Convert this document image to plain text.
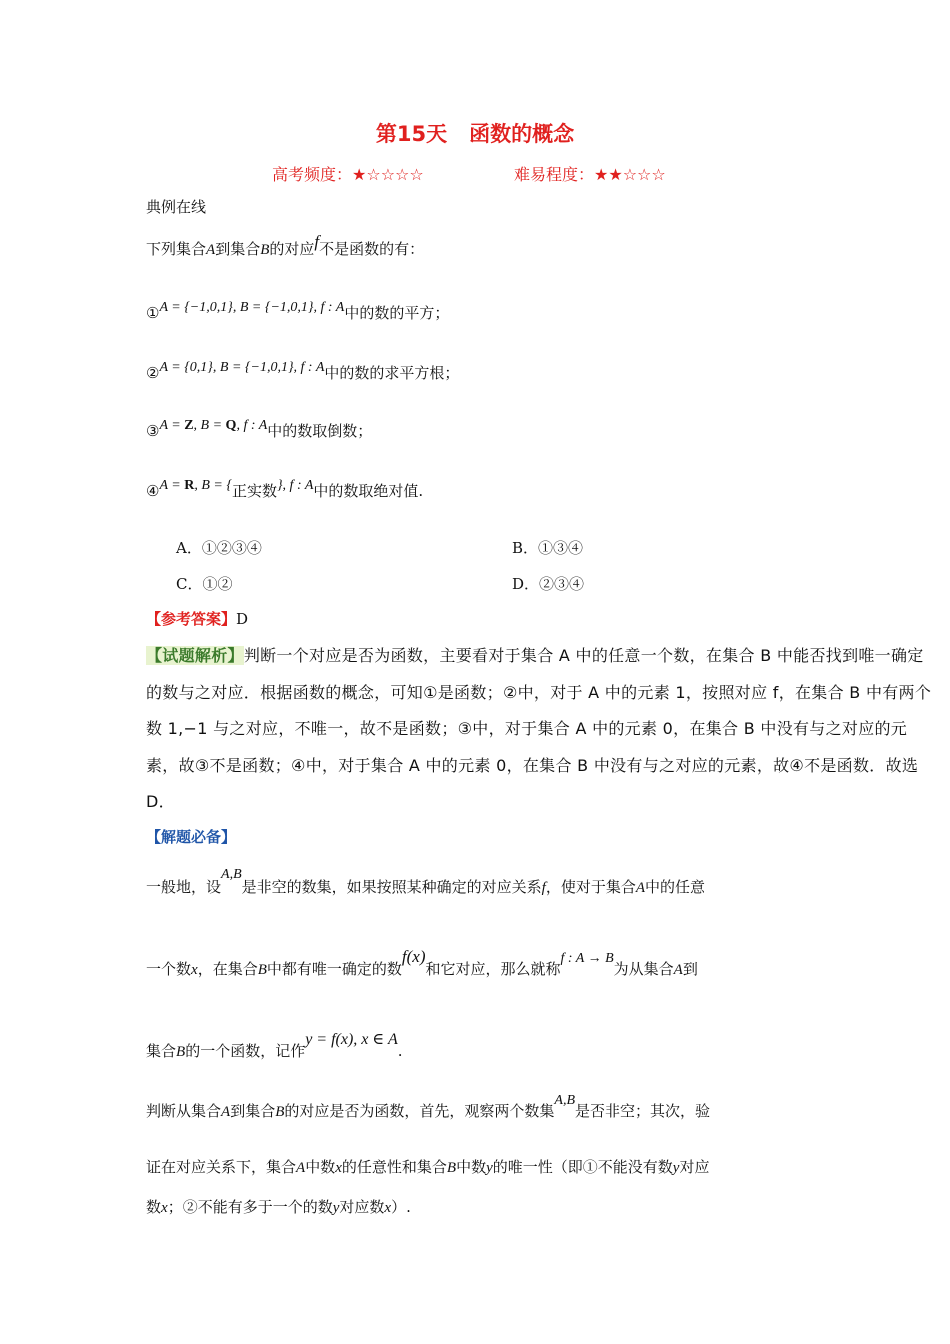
第15天 函数的概念
高考频度：★☆☆☆☆	难易程度：★★☆☆☆
典例在线
下列集合A到集合B的对应f不是函数的有：
①A = {−1,0,1}, B = {−1,0,1}, f : A中的数的平方；
②A = {0,1}, B = {−1,0,1}, f : A中的数的求平方根；
③A = Z, B = Q, f : A中的数取倒数；
④A = R, B = {正实数}, f : A中的数取绝对值.
A．①②③④	B．①③④
C．①②	D．②③④
【参考答案】D
【试题解析】判断一个对应是否为函数，主要看对于集合 A 中的任意一个数，在集合 B 中能否找到唯一确定的数与之对应．根据函数的概念，可知①是函数；②中，对于 A 中的元素 1，按照对应 f，在集合 B 中有两个数 1,−1 与之对应，不唯一，故不是函数；③中，对于集合 A 中的元素 0，在集合 B 中没有与之对应的元素，故③不是函数；④中，对于集合 A 中的元素 0，在集合 B 中没有与之对应的元素，故④不是函数．故选 D．
【解题必备】
一般地，设A,B是非空的数集，如果按照某种确定的对应关系f，使对于集合A中的任意
一个数x，在集合B中都有唯一确定的数f(x)和它对应，那么就称f : A → B为从集合A到
集合B的一个函数，记作y = f(x), x ∈ A.
判断从集合A到集合B的对应是否为函数，首先，观察两个数集A,B是否非空；其次，验
证在对应关系下，集合A中数x的任意性和集合B中数y的唯一性（即①不能没有数y对应
数x；②不能有多于一个的数y对应数x）.
